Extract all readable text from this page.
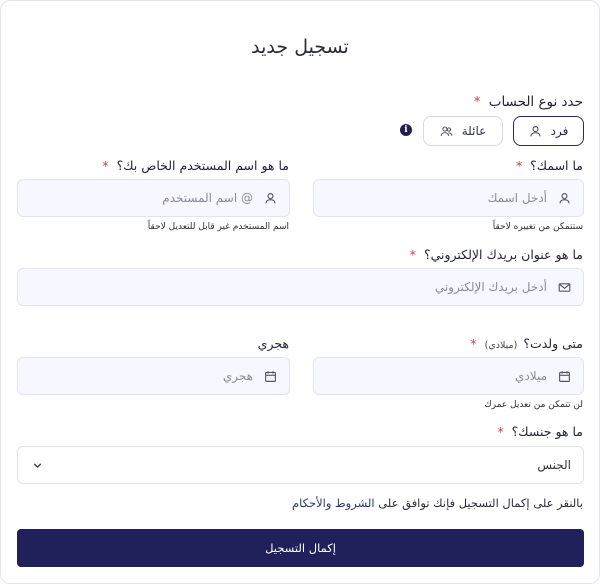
تسجيل جديد
حدد نوع الحساب *
فرد
عائلة
i
ما اسمك؟ *
أدخل اسمك
ستتمكن من تغييره لاحقاً
ما هو اسم المستخدم الخاص بك؟ *
@ اسم المستخدم
اسم المستخدم غير قابل للتعديل لاحقاً
ما هو عنوان بريدك الإلكتروني؟ *
أدخل بريدك الإلكتروني
متى ولدت؟ (ميلادي) *
ميلادي
لن تتمكن من تعديل عمرك
هجري
هجري
ما هو جنسك؟ *
الجنس
بالنقر على إكمال التسجيل فإنك توافق على الشروط والأحكام
إكمال التسجيل
